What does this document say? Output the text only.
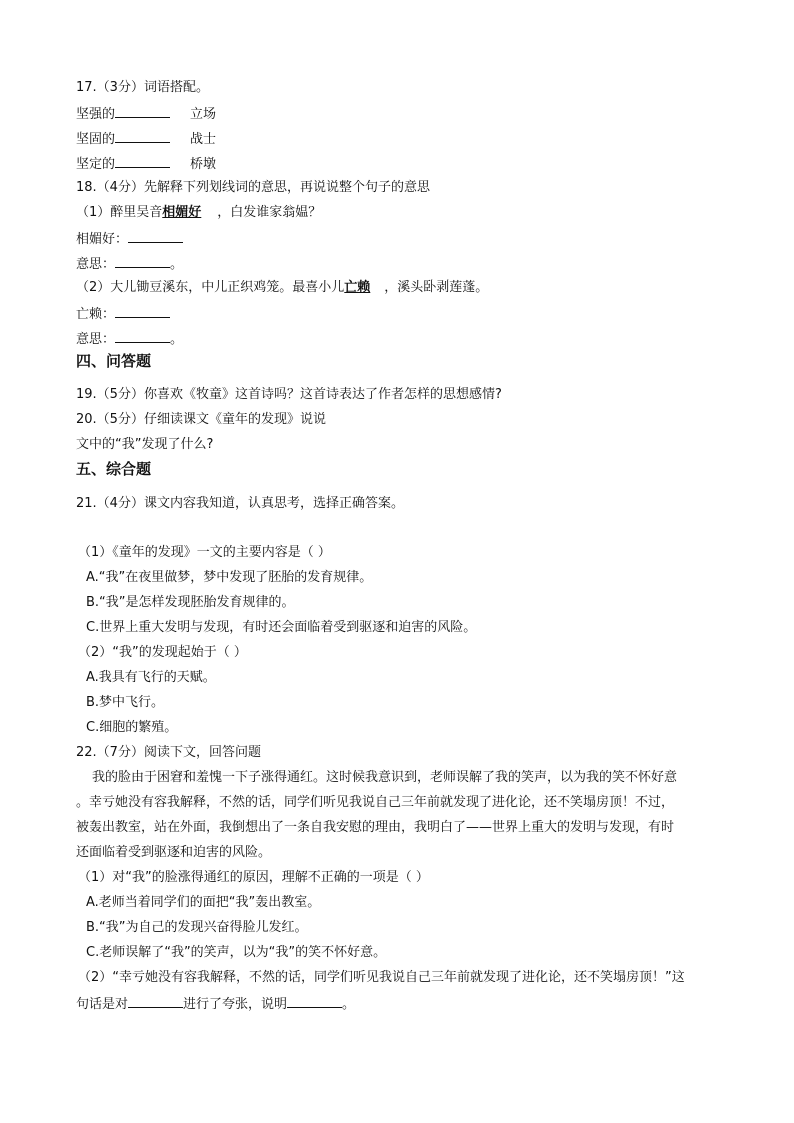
17.（3分）词语搭配。
坚强的	立场
坚固的	战士
坚定的	桥墩
18.（4分）先解释下列划线词的意思，再说说整个句子的意思
（1）醉里吴音相媚好 ，白发谁家翁媪？
相媚好：
意思：	。
（2）大儿锄豆溪东，中儿正织鸡笼。最喜小儿亡赖 ，溪头卧剥莲蓬。
亡赖：
意思：	。
四、问答题
19.（5分）你喜欢《牧童》这首诗吗？这首诗表达了作者怎样的思想感情?
20.（5分）仔细读课文《童年的发现》说说
文中的“我”发现了什么?
五、综合题
21.（4分）课文内容我知道，认真思考，选择正确答案。
（1）《童年的发现》一文的主要内容是（ ）
A.“我”在夜里做梦，梦中发现了胚胎的发育规律。
B.“我”是怎样发现胚胎发育规律的。
C.世界上重大发明与发现，有时还会面临着受到驱逐和迫害的风险。
（2）“我”的发现起始于（ ）
A.我具有飞行的天赋。
B.梦中飞行。
C.细胞的繁殖。
22.（7分）阅读下文，回答问题
我的脸由于困窘和羞愧一下子涨得通红。这时候我意识到，老师误解了我的笑声，以为我的笑不怀好意
。幸亏她没有容我解释，不然的话，同学们听见我说自己三年前就发现了进化论，还不笑塌房顶！不过，
被轰出教室，站在外面，我倒想出了一条自我安慰的理由，我明白了——世界上重大的发明与发现，有时
还面临着受到驱逐和迫害的风险。
（1）对“我”的脸涨得通红的原因，理解不正确的一项是（ ）
A.老师当着同学们的面把“我”轰出教室。
B.“我”为自己的发现兴奋得脸儿发红。
C.老师误解了“我”的笑声，以为“我”的笑不怀好意。
（2）“幸亏她没有容我解释，不然的话，同学们听见我说自己三年前就发现了进化论，还不笑塌房顶！”这
句话是对	进行了夸张，说明	。
